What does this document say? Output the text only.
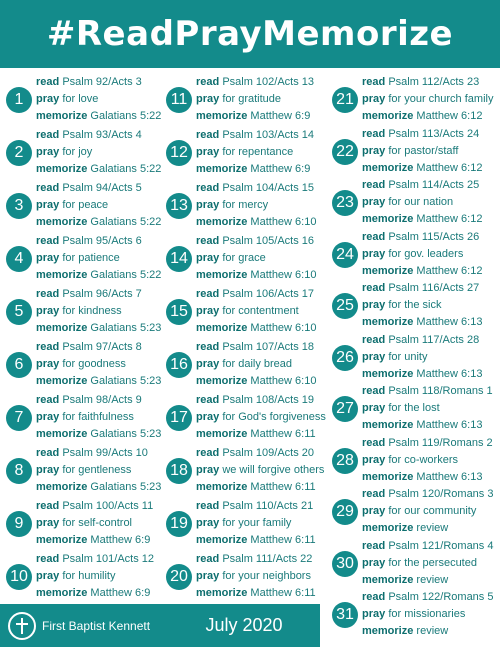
#ReadPrayMemorize
1
read Psalm 92/Acts 3
pray for love
memorize Galatians 5:22
2
read Psalm 93/Acts 4
pray for joy
memorize Galatians 5:22
3
read Psalm 94/Acts 5
pray for peace
memorize Galatians 5:22
4
read Psalm 95/Acts 6
pray for patience
memorize Galatians 5:22
5
read Psalm 96/Acts 7
pray for kindness
memorize Galatians 5:23
6
read Psalm 97/Acts 8
pray for goodness
memorize Galatians 5:23
7
read Psalm 98/Acts 9
pray for faithfulness
memorize Galatians 5:23
8
read Psalm 99/Acts 10
pray for gentleness
memorize Galatians 5:23
9
read Psalm 100/Acts 11
pray for self-control
memorize Matthew 6:9
10
read Psalm 101/Acts 12
pray for humility
memorize Matthew 6:9
11
read Psalm 102/Acts 13
pray for gratitude
memorize Matthew 6:9
12
read Psalm 103/Acts 14
pray for repentance
memorize Matthew 6:9
13
read Psalm 104/Acts 15
pray for mercy
memorize Matthew 6:10
14
read Psalm 105/Acts 16
pray for grace
memorize Matthew 6:10
15
read Psalm 106/Acts 17
pray for contentment
memorize Matthew 6:10
16
read Psalm 107/Acts 18
pray for daily bread
memorize Matthew 6:10
17
read Psalm 108/Acts 19
pray for God's forgiveness
memorize Matthew 6:11
18
read Psalm 109/Acts 20
pray we will forgive others
memorize Matthew 6:11
19
read Psalm 110/Acts 21
pray for your family
memorize Matthew 6:11
20
read Psalm 111/Acts 22
pray for your neighbors
memorize Matthew 6:11
21
read Psalm 112/Acts 23
pray for your church family
memorize Matthew 6:12
22
read Psalm 113/Acts 24
pray for pastor/staff
memorize Matthew 6:12
23
read Psalm 114/Acts 25
pray for our nation
memorize Matthew 6:12
24
read Psalm 115/Acts 26
pray for gov. leaders
memorize Matthew 6:12
25
read Psalm 116/Acts 27
pray for the sick
memorize Matthew 6:13
26
read Psalm 117/Acts 28
pray for unity
memorize Matthew 6:13
27
read Psalm 118/Romans 1
pray for the lost
memorize Matthew 6:13
28
read Psalm 119/Romans 2
pray for co-workers
memorize Matthew 6:13
29
read Psalm 120/Romans 3
pray for our community
memorize review
30
read Psalm 121/Romans 4
pray for the persecuted
memorize review
31
read Psalm 122/Romans 5
pray for missionaries
memorize review
First Baptist Kennett	July 2020
